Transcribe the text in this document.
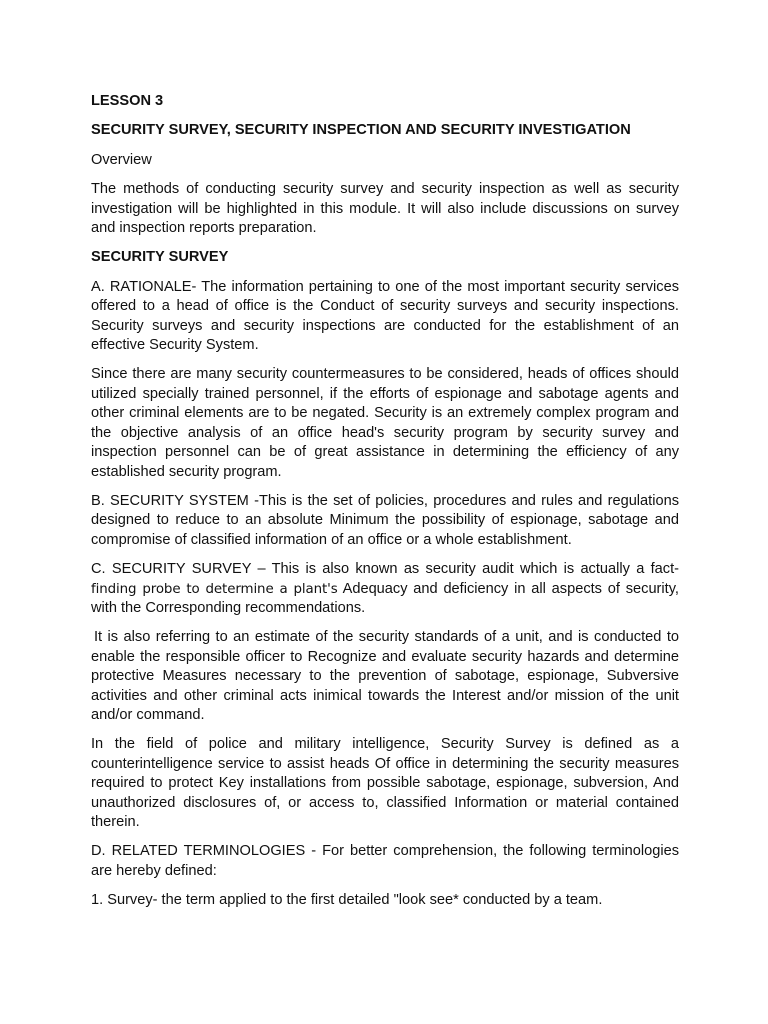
LESSON 3

SECURITY SURVEY, SECURITY INSPECTION AND SECURITY INVESTIGATION

Overview

The methods of conducting security survey and security inspection as well as security investigation will be highlighted in this module. It will also include discussions on survey and inspection reports preparation.

SECURITY SURVEY

A. RATIONALE- The information pertaining to one of the most important security services offered to a head of office is the Conduct of security surveys and security inspections. Security surveys and security inspections are conducted for the establishment of an effective Security System.

Since there are many security countermeasures to be considered, heads of offices should utilized specially trained personnel, if the efforts of espionage and sabotage agents and other criminal elements are to be negated. Security is an extremely complex program and the objective analysis of an office head's security program by security survey and inspection personnel can be of great assistance in determining the efficiency of any established security program.

B. SECURITY SYSTEM -This is the set of policies, procedures and rules and regulations designed to reduce to an absolute Minimum the possibility of espionage, sabotage and compromise of classified information of an office or a whole establishment.

C. SECURITY SURVEY – This is also known as security audit which is actually a fact-finding probe to determine a plant's Adequacy and deficiency in all aspects of security, with the Corresponding recommendations.

It is also referring to an estimate of the security standards of a unit, and is conducted to enable the responsible officer to Recognize and evaluate security hazards and determine protective Measures necessary to the prevention of sabotage, espionage, Subversive activities and other criminal acts inimical towards the Interest and/or mission of the unit and/or command.

In the field of police and military intelligence, Security Survey is defined as a counterintelligence service to assist heads Of office in determining the security measures required to protect Key installations from possible sabotage, espionage, subversion, And unauthorized disclosures of, or access to, classified Information or material contained therein.

D. RELATED TERMINOLOGIES - For better comprehension, the following terminologies are hereby defined:

1. Survey- the term applied to the first detailed "look see* conducted by a team.
